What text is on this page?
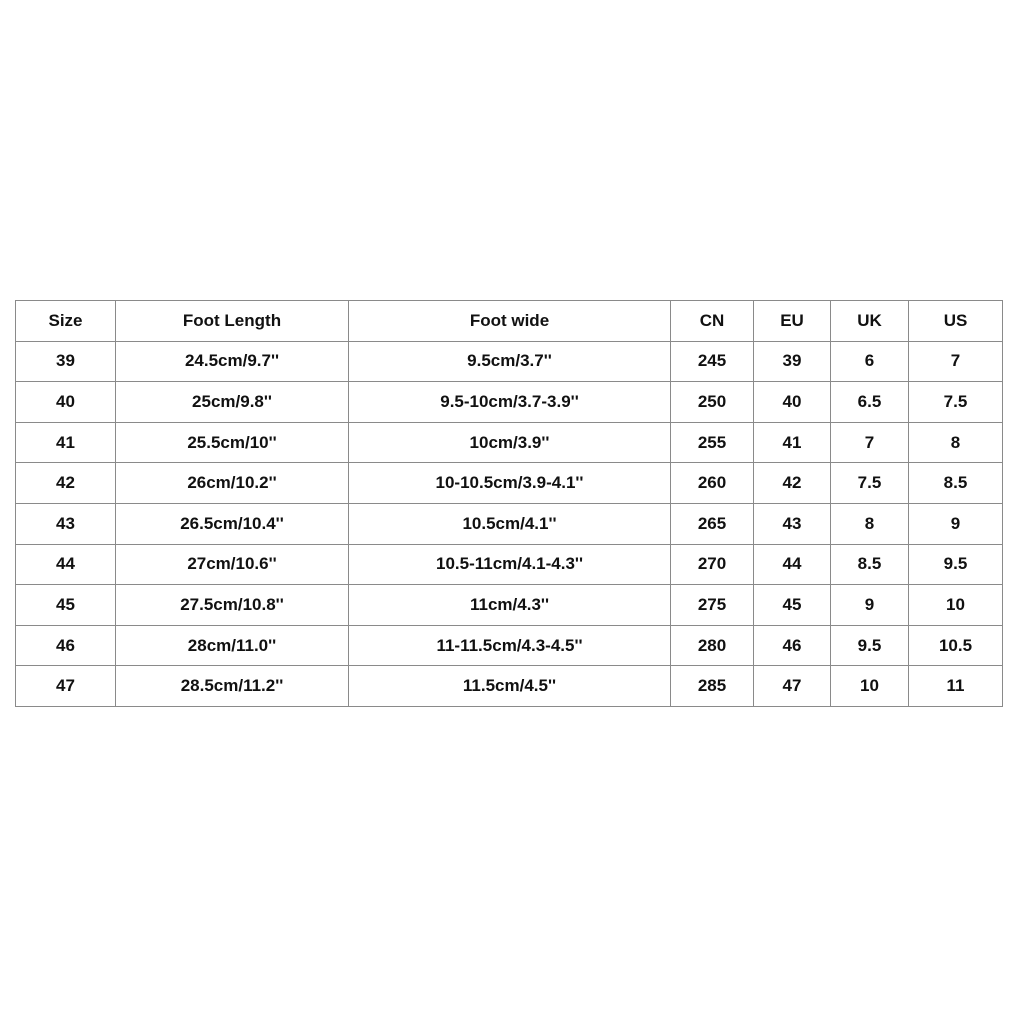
Size	Foot Length	Foot wide	CN	EU	UK	US
39	24.5cm/9.7''	9.5cm/3.7''	245	39	6	7
40	25cm/9.8''	9.5-10cm/3.7-3.9''	250	40	6.5	7.5
41	25.5cm/10''	10cm/3.9''	255	41	7	8
42	26cm/10.2''	10-10.5cm/3.9-4.1''	260	42	7.5	8.5
43	26.5cm/10.4''	10.5cm/4.1''	265	43	8	9
44	27cm/10.6''	10.5-11cm/4.1-4.3''	270	44	8.5	9.5
45	27.5cm/10.8''	11cm/4.3''	275	45	9	10
46	28cm/11.0''	11-11.5cm/4.3-4.5''	280	46	9.5	10.5
47	28.5cm/11.2''	11.5cm/4.5''	285	47	10	11
